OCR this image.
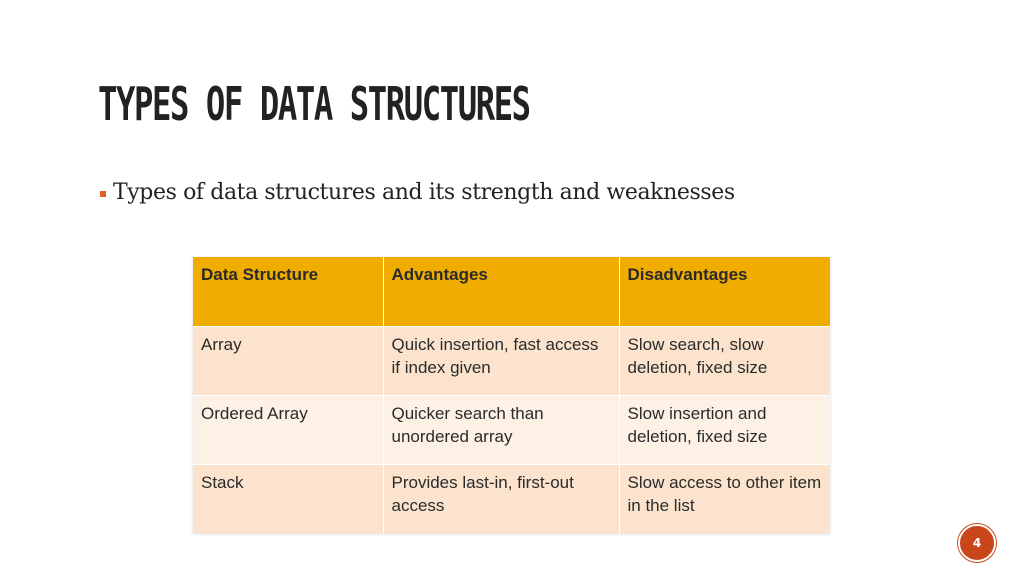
TYPES OF DATA STRUCTURES
Types of data structures and its strength and weaknesses
Data Structure	Advantages	Disadvantages
Array	Quick insertion, fast access if index given	Slow search, slow deletion, fixed size
Ordered Array	Quicker search than unordered array	Slow insertion and deletion, fixed size
Stack	Provides last-in, first-out access	Slow access to other item in the list
4
